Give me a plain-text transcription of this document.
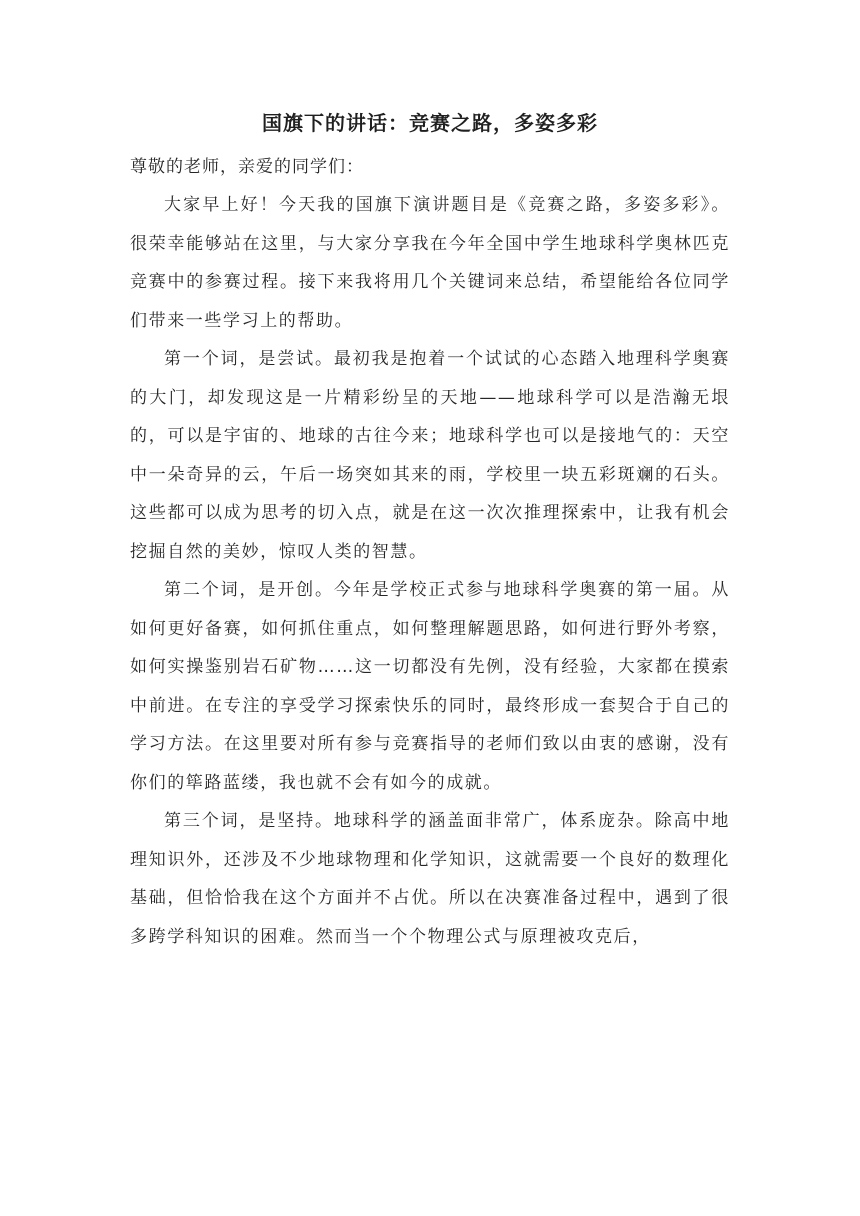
国旗下的讲话：竞赛之路，多姿多彩

尊敬的老师，亲爱的同学们：

大家早上好！今天我的国旗下演讲题目是《竞赛之路，多姿多彩》。很荣幸能够站在这里，与大家分享我在今年全国中学生地球科学奥林匹克竞赛中的参赛过程。接下来我将用几个关键词来总结，希望能给各位同学们带来一些学习上的帮助。

第一个词，是尝试。最初我是抱着一个试试的心态踏入地理科学奥赛的大门，却发现这是一片精彩纷呈的天地——地球科学可以是浩瀚无垠的，可以是宇宙的、地球的古往今来；地球科学也可以是接地气的：天空中一朵奇异的云，午后一场突如其来的雨，学校里一块五彩斑斓的石头。这些都可以成为思考的切入点，就是在这一次次推理探索中，让我有机会挖掘自然的美妙，惊叹人类的智慧。

第二个词，是开创。今年是学校正式参与地球科学奥赛的第一届。从如何更好备赛，如何抓住重点，如何整理解题思路，如何进行野外考察，如何实操鉴别岩石矿物……这一切都没有先例，没有经验，大家都在摸索中前进。在专注的享受学习探索快乐的同时，最终形成一套契合于自己的学习方法。在这里要对所有参与竞赛指导的老师们致以由衷的感谢，没有你们的筚路蓝缕，我也就不会有如今的成就。

第三个词，是坚持。地球科学的涵盖面非常广，体系庞杂。除高中地理知识外，还涉及不少地球物理和化学知识，这就需要一个良好的数理化基础，但恰恰我在这个方面并不占优。所以在决赛准备过程中，遇到了很多跨学科知识的困难。然而当一个个物理公式与原理被攻克后，
